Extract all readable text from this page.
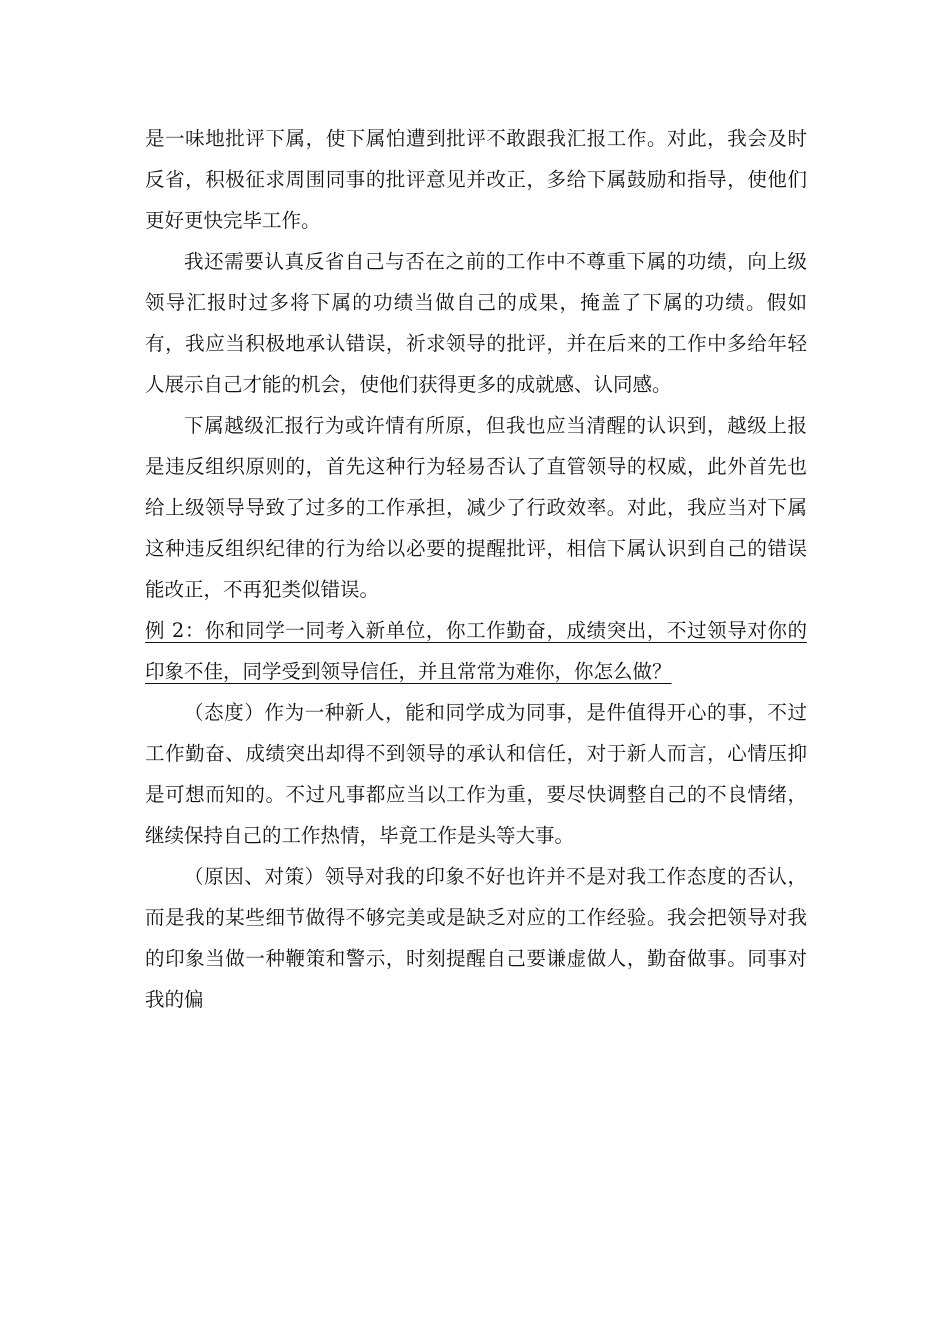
是一味地批评下属，使下属怕遭到批评不敢跟我汇报工作。对此，我会及时反省，积极征求周围同事的批评意见并改正，多给下属鼓励和指导，使他们更好更快完毕工作。

我还需要认真反省自己与否在之前的工作中不尊重下属的功绩，向上级领导汇报时过多将下属的功绩当做自己的成果，掩盖了下属的功绩。假如有，我应当积极地承认错误，祈求领导的批评，并在后来的工作中多给年轻人展示自己才能的机会，使他们获得更多的成就感、认同感。

下属越级汇报行为或许情有所原，但我也应当清醒的认识到，越级上报是违反组织原则的，首先这种行为轻易否认了直管领导的权威，此外首先也给上级领导导致了过多的工作承担，减少了行政效率。对此，我应当对下属这种违反组织纪律的行为给以必要的提醒批评，相信下属认识到自己的错误能改正，不再犯类似错误。

例 2：你和同学一同考入新单位，你工作勤奋，成绩突出，不过领导对你的印象不佳，同学受到领导信任，并且常常为难你，你怎么做？

（态度）作为一种新人，能和同学成为同事，是件值得开心的事，不过工作勤奋、成绩突出却得不到领导的承认和信任，对于新人而言，心情压抑是可想而知的。不过凡事都应当以工作为重，要尽快调整自己的不良情绪，继续保持自己的工作热情，毕竟工作是头等大事。

（原因、对策）领导对我的印象不好也许并不是对我工作态度的否认，而是我的某些细节做得不够完美或是缺乏对应的工作经验。我会把领导对我的印象当做一种鞭策和警示，时刻提醒自己要谦虚做人，勤奋做事。同事对我的偏
